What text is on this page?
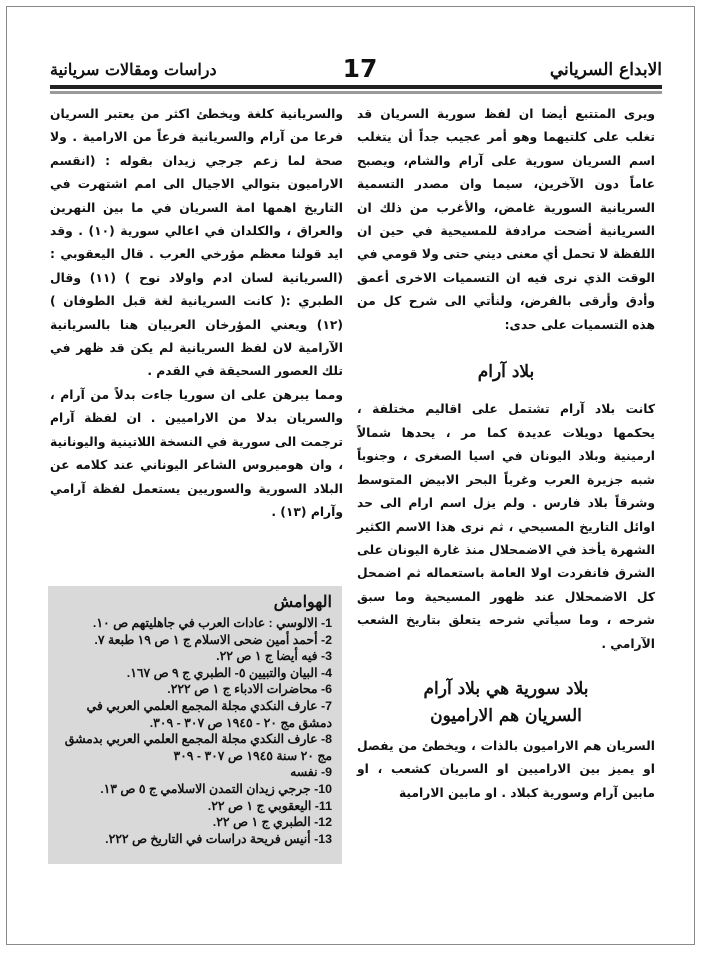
الابداع السرياني
17
دراسات ومقالات سريانية

ويرى المتتبع أيضا ان لفظ سورية السريان قد تغلب على كلتيهما وهو أمر عجيب جداً أن يتغلب اسم السريان سورية على آرام والشام، ويصبح عاماً دون الآخرين، سيما وان مصدر التسمية السريانية السورية غامض، والأغرب من ذلك ان السريانية أضحت مرادفة للمسيحية في حين ان اللفظة لا تحمل أي معنى ديني حتى ولا قومي في الوقت الذي نرى فيه ان التسميات الاخرى أعمق وأدق وأرقى بالفرض، ولنأتي الى شرح كل من هذه التسميات على حدى:

بلاد آرام

كانت بلاد آرام تشتمل على اقاليم مختلفة ، يحكمها دويلات عديدة كما مر ، يحدها شمالاً ارمينية وبلاد اليونان في اسيا الصغرى ، وجنوباً شبه جزيرة العرب وغرباً البحر الابيض المتوسط وشرقاً بلاد فارس . ولم يزل اسم ارام الى حد اوائل التاريخ المسيحي ، ثم نرى هذا الاسم الكثير الشهرة يأخذ في الاضمحلال منذ غارة اليونان على الشرق فانفردت اولا العامة باستعماله ثم اضمحل كل الاضمحلال عند ظهور المسيحية وما سبق شرحه ، وما سيأتي شرحه يتعلق بتاريخ الشعب الآرامي .

بلاد سورية هي بلاد آرام
السريان هم الاراميون

السريان هم الاراميون بالذات ، ويخطئ من يفصل او يميز بين الاراميين او السريان كشعب ، او مابين آرام وسورية كبلاد . او مابين الارامية

والسريانية كلغة ويخطئ اكثر من يعتبر السريان فرعا من آرام والسريانية فرعاً من الارامية . ولا صحة لما زعم جرجي زيدان بقوله : (انقسم الاراميون بتوالي الاجيال الى امم اشتهرت في التاريخ اهمها امة السريان في ما بين النهرين والعراق ، والكلدان في اعالي سورية (١٠) . وقد ايد قولنا معظم مؤرخي العرب . قال اليعقوبي : (السريانية لسان ادم واولاد نوح ) (١١) وقال الطبري :( كانت السريانية لغة قبل الطوفان ) (١٢) ويعني المؤرخان العربيان هنا بالسريانية الآرامية لان لفظ السريانية لم يكن قد ظهر في تلك العصور السحيقة في القدم .

ومما يبرهن على ان سوريا جاءت بدلاً من آرام ، والسريان بدلا من الاراميين . ان لفظة آرام ترجمت الى سورية في النسخة اللاتينية واليونانية ، وان هوميروس الشاعر اليوناني عند كلامه عن البلاد السورية والسوريين يستعمل لفظة آرامي وآرام (١٣) .

الهوامش
1- الالوسي : عادات العرب في جاهليتهم ص ١٠.
2- أحمد أمين ضحى الاسلام ج ١ ص ١٩ طبعة ٧.
3- فيه أيضا ج ١ ص ٢٢.
4- البيان والتبيين ٥- الطبري ج ٩ ص ١٦٧.
6- محاضرات الادباء ج ١ ص ٢٢٢.
7- عارف النكدي مجلة المجمع العلمي العربي في
دمشق مج ٢٠ - ١٩٤٥ ص ٣٠٧ - ٣٠٩.
8- عارف النكدي مجلة المجمع العلمي العربي بدمشق
مج ٢٠ سنة ١٩٤٥ ص ٣٠٧ - ٣٠٩
9- نفسه
10- جرجي زيدان التمدن الاسلامي ج ٥ ص ١٣.
11- اليعقوبي ج ١ ص ٢٢.
12- الطبري ج ١ ص ٢٢.
13- أنيس فريحة دراسات في التاريخ ص ٢٢٢.
